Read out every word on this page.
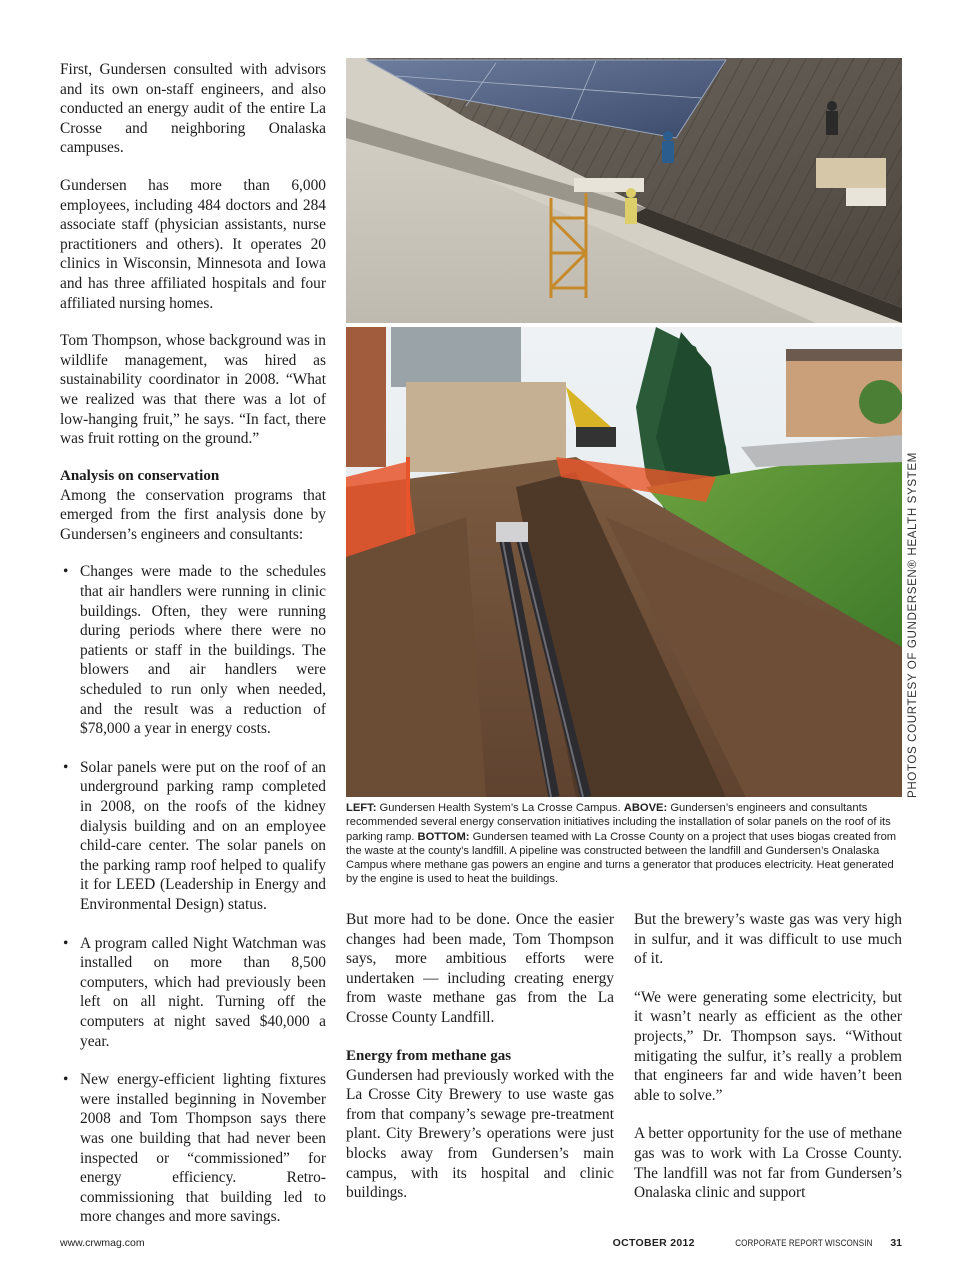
First, Gundersen consulted with advisors and its own on-staff engineers, and also conducted an energy audit of the entire La Crosse and neighboring Onalaska campuses.

Gundersen has more than 6,000 employees, including 484 doctors and 284 associate staff (physician assistants, nurse practitioners and others). It operates 20 clinics in Wisconsin, Minnesota and Iowa and has three affiliated hospitals and four affiliated nursing homes.

Tom Thompson, whose background was in wildlife management, was hired as sustainability coordinator in 2008. “What we realized was that there was a lot of low-hanging fruit,” he says. “In fact, there was fruit rotting on the ground.”

Analysis on conservation

Among the conservation programs that emerged from the first analysis done by Gundersen’s engineers and consultants:

• Changes were made to the schedules that air handlers were running in clinic buildings. Often, they were running during periods where there were no patients or staff in the buildings. The blowers and air handlers were scheduled to run only when needed, and the result was a reduction of $78,000 a year in energy costs.
• Solar panels were put on the roof of an underground parking ramp completed in 2008, on the roofs of the kidney dialysis building and on an employee child-care center. The solar panels on the parking ramp roof helped to qualify it for LEED (Leadership in Energy and Environmental Design) status.
• A program called Night Watchman was installed on more than 8,500 computers, which had previously been left on all night. Turning off the computers at night saved $40,000 a year.
• New energy-efficient lighting fixtures were installed beginning in November 2008 and Tom Thompson says there was one building that had never been inspected or “commissioned” for energy efficiency. Retro-commissioning that building led to more changes and more savings.
PHOTOS COURTESY OF GUNDERSEN® HEALTH SYSTEM
LEFT: Gundersen Health System’s La Crosse Campus. ABOVE: Gundersen’s engineers and consultants recommended several energy conservation initiatives including the installation of solar panels on the roof of its parking ramp. BOTTOM: Gundersen teamed with La Crosse County on a project that uses biogas created from the waste at the county’s landfill. A pipeline was constructed between the landfill and Gundersen’s Onalaska Campus where methane gas powers an engine and turns a generator that produces electricity. Heat generated by the engine is used to heat the buildings.

But more had to be done. Once the easier changes had been made, Tom Thompson says, more ambitious efforts were undertaken — including creating energy from waste methane gas from the La Crosse County Landfill.

Energy from methane gas

Gundersen had previously worked with the La Crosse City Brewery to use waste gas from that company’s sewage pre-treatment plant. City Brewery’s operations were just blocks away from Gundersen’s main campus, with its hospital and clinic buildings.

But the brewery’s waste gas was very high in sulfur, and it was difficult to use much of it.

“We were generating some electricity, but it wasn’t nearly as efficient as the other projects,” Dr. Thompson says. “Without mitigating the sulfur, it’s really a problem that engineers far and wide haven’t been able to solve.”

A better opportunity for the use of methane gas was to work with La Crosse County. The landfill was not far from Gundersen’s Onalaska clinic and support

www.crwmag.com	OCTOBER 2012	CORPORATE REPORT WISCONSIN 31
